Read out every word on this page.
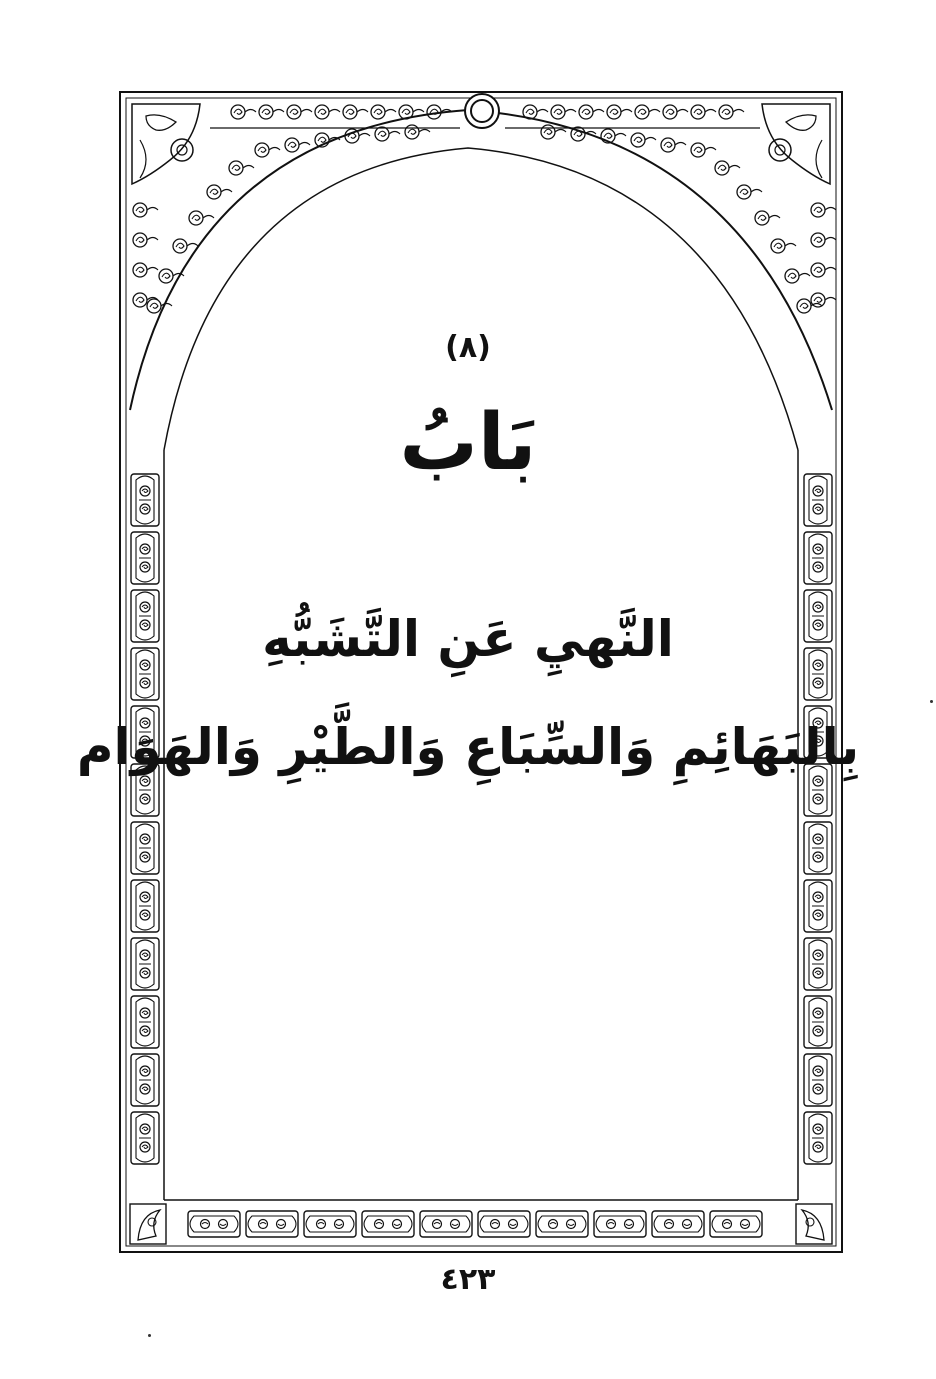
(٨)
بَابُ
النَّهيِ عَنِ التَّشَبُّهِ
بِالبَهَائِمِ وَالسِّبَاعِ وَالطَّيْرِ وَالهَوَام
٤٢٣
